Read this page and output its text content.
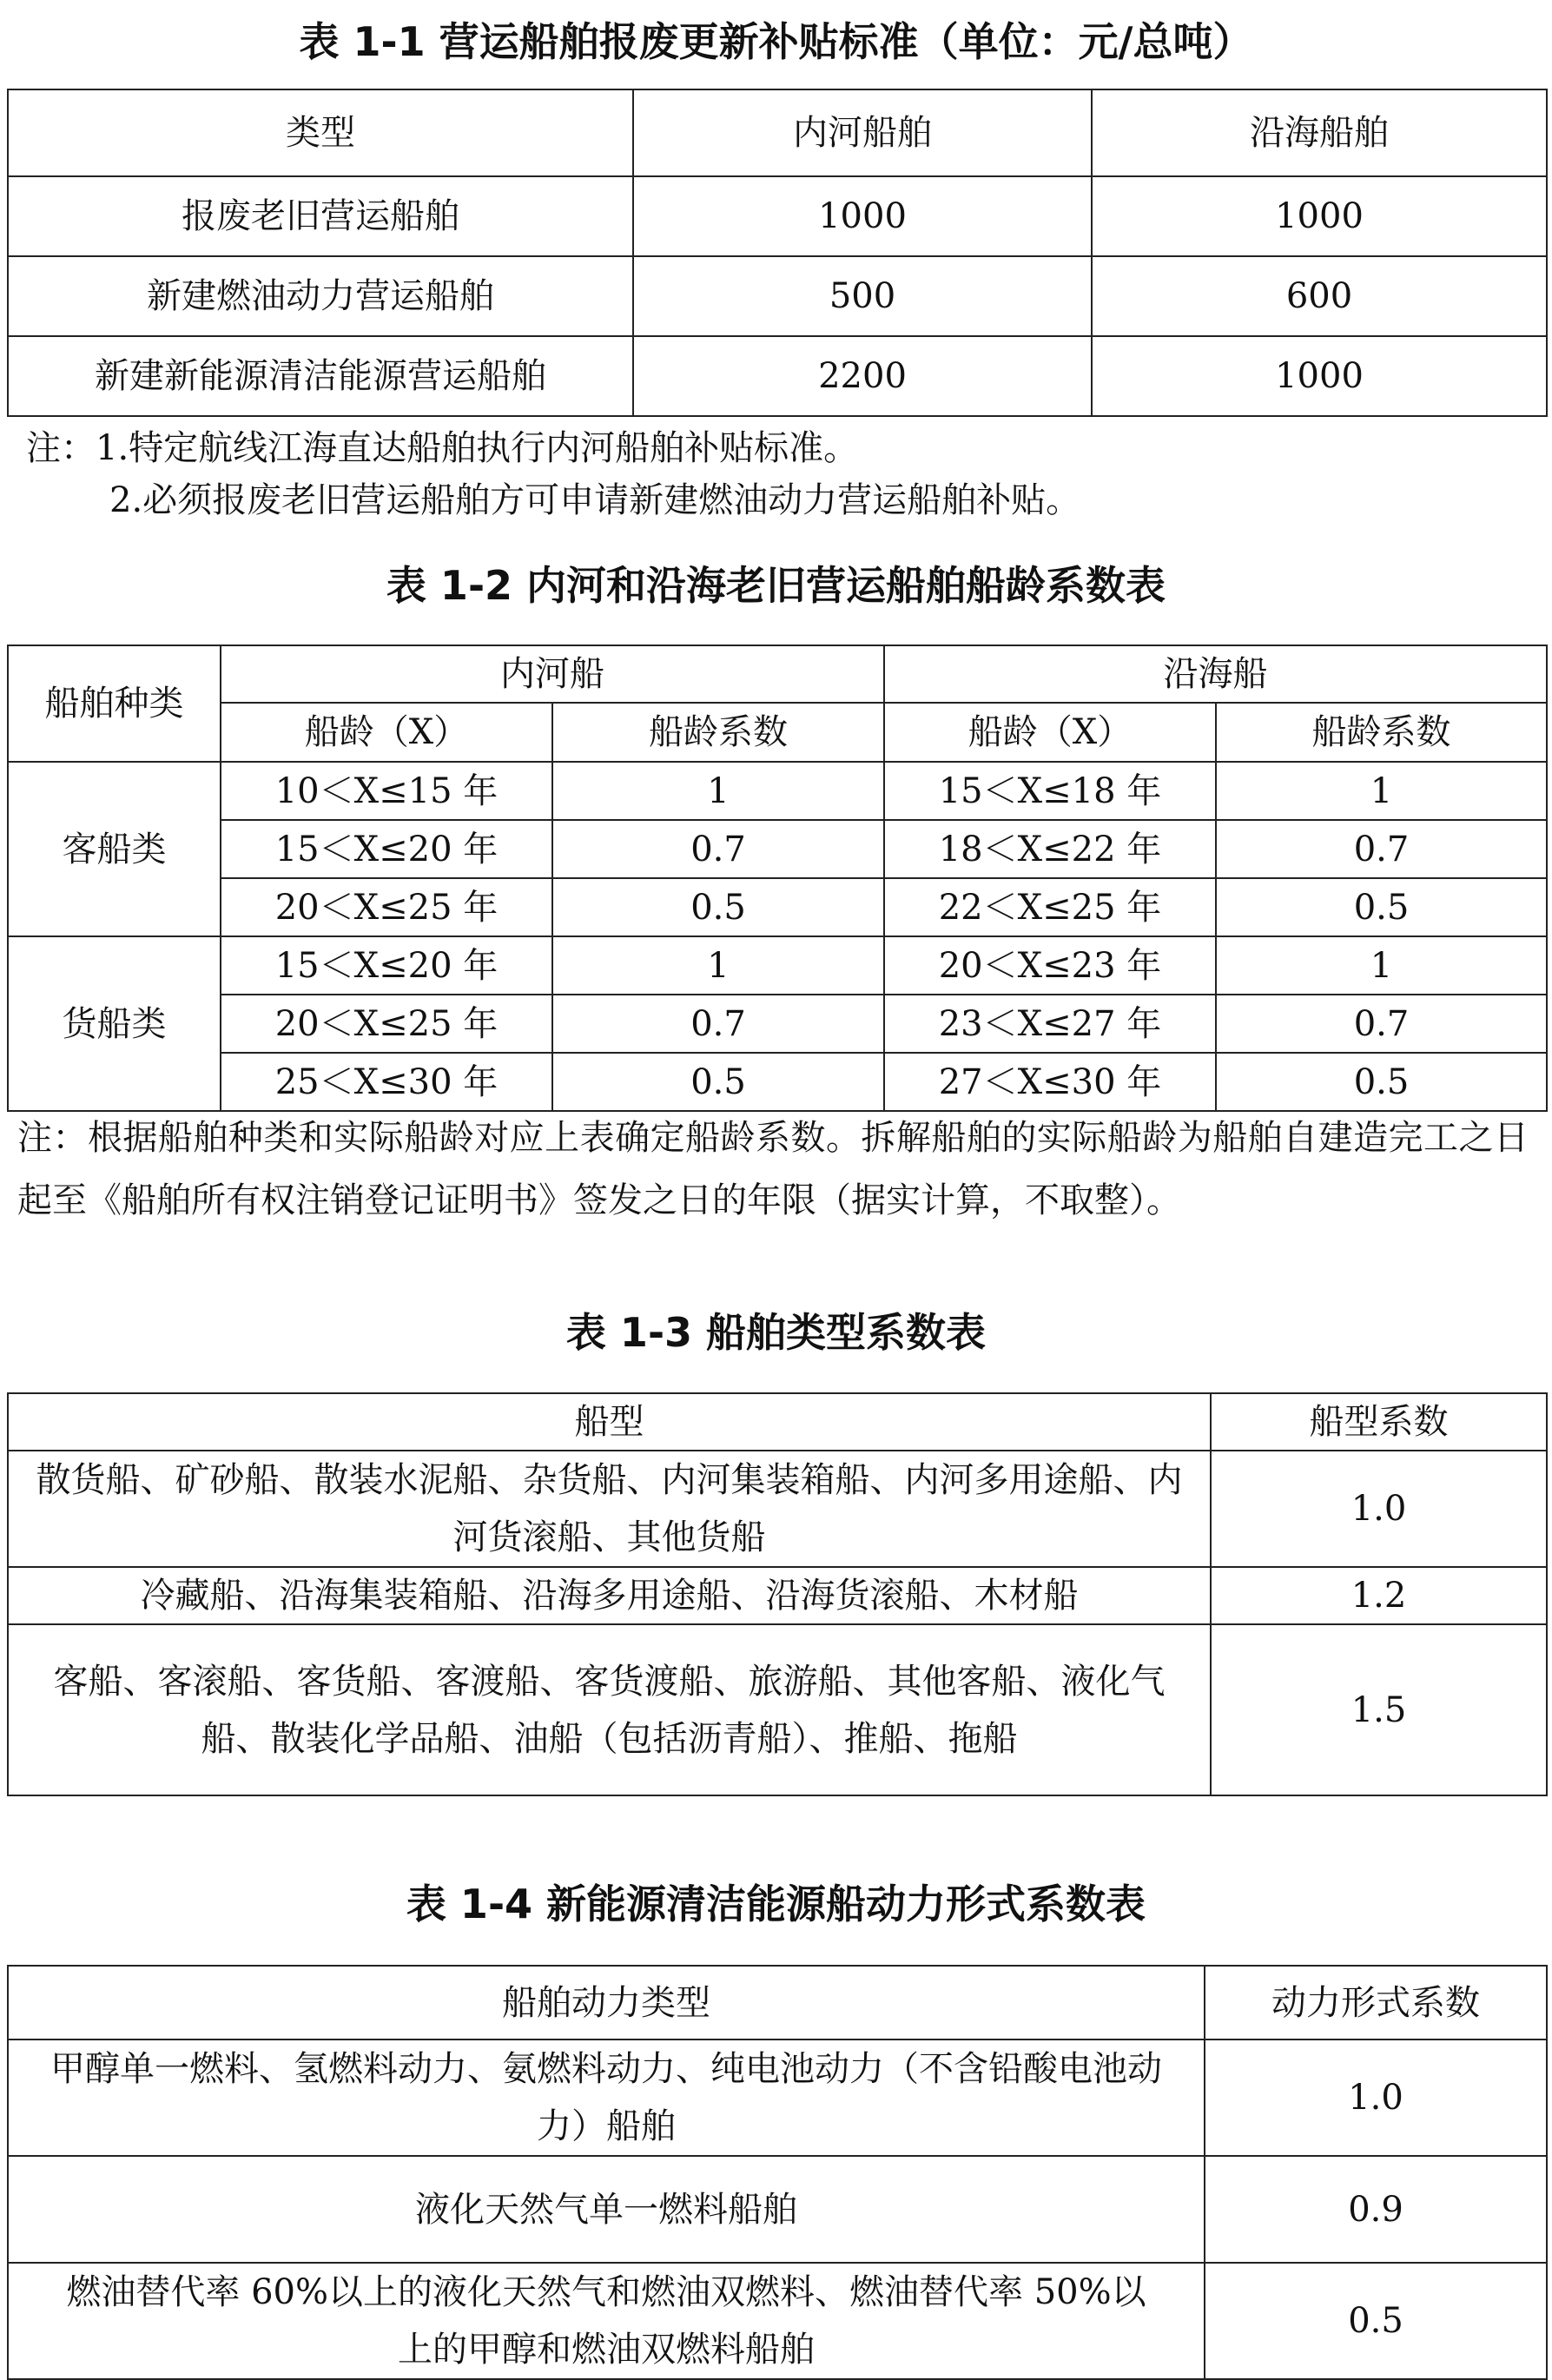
表 1-1 营运船舶报废更新补贴标准（单位：元/总吨）
类型	内河船舶	沿海船舶
报废老旧营运船舶	1000	1000
新建燃油动力营运船舶	500	600
新建新能源清洁能源营运船舶	2200	1000
注：1.特定航线江海直达船舶执行内河船舶补贴标准。
2.必须报废老旧营运船舶方可申请新建燃油动力营运船舶补贴。
表 1-2 内河和沿海老旧营运船舶船龄系数表
船舶种类	内河船		沿海船	
	船龄（X）	船龄系数	船龄（X）	船龄系数
客船类	10＜X≤15 年	1	15＜X≤18 年	1
	15＜X≤20 年	0.7	18＜X≤22 年	0.7
	20＜X≤25 年	0.5	22＜X≤25 年	0.5
货船类	15＜X≤20 年	1	20＜X≤23 年	1
	20＜X≤25 年	0.7	23＜X≤27 年	0.7
	25＜X≤30 年	0.5	27＜X≤30 年	0.5
注：根据船舶种类和实际船龄对应上表确定船龄系数。拆解船舶的实际船龄为船舶自建造完工之日起至《船舶所有权注销登记证明书》签发之日的年限（据实计算，不取整）。
表 1-3 船舶类型系数表
船型	船型系数
散货船、矿砂船、散装水泥船、杂货船、内河集装箱船、内河多用途船、内河货滚船、其他货船	1.0
冷藏船、沿海集装箱船、沿海多用途船、沿海货滚船、木材船	1.2
客船、客滚船、客货船、客渡船、客货渡船、旅游船、其他客船、液化气船、散装化学品船、油船（包括沥青船）、推船、拖船	1.5
表 1-4 新能源清洁能源船动力形式系数表
船舶动力类型	动力形式系数
甲醇单一燃料、氢燃料动力、氨燃料动力、纯电池动力（不含铅酸电池动力）船舶	1.0
液化天然气单一燃料船舶	0.9
燃油替代率 60%以上的液化天然气和燃油双燃料、燃油替代率 50%以上的甲醇和燃油双燃料船舶	0.5
